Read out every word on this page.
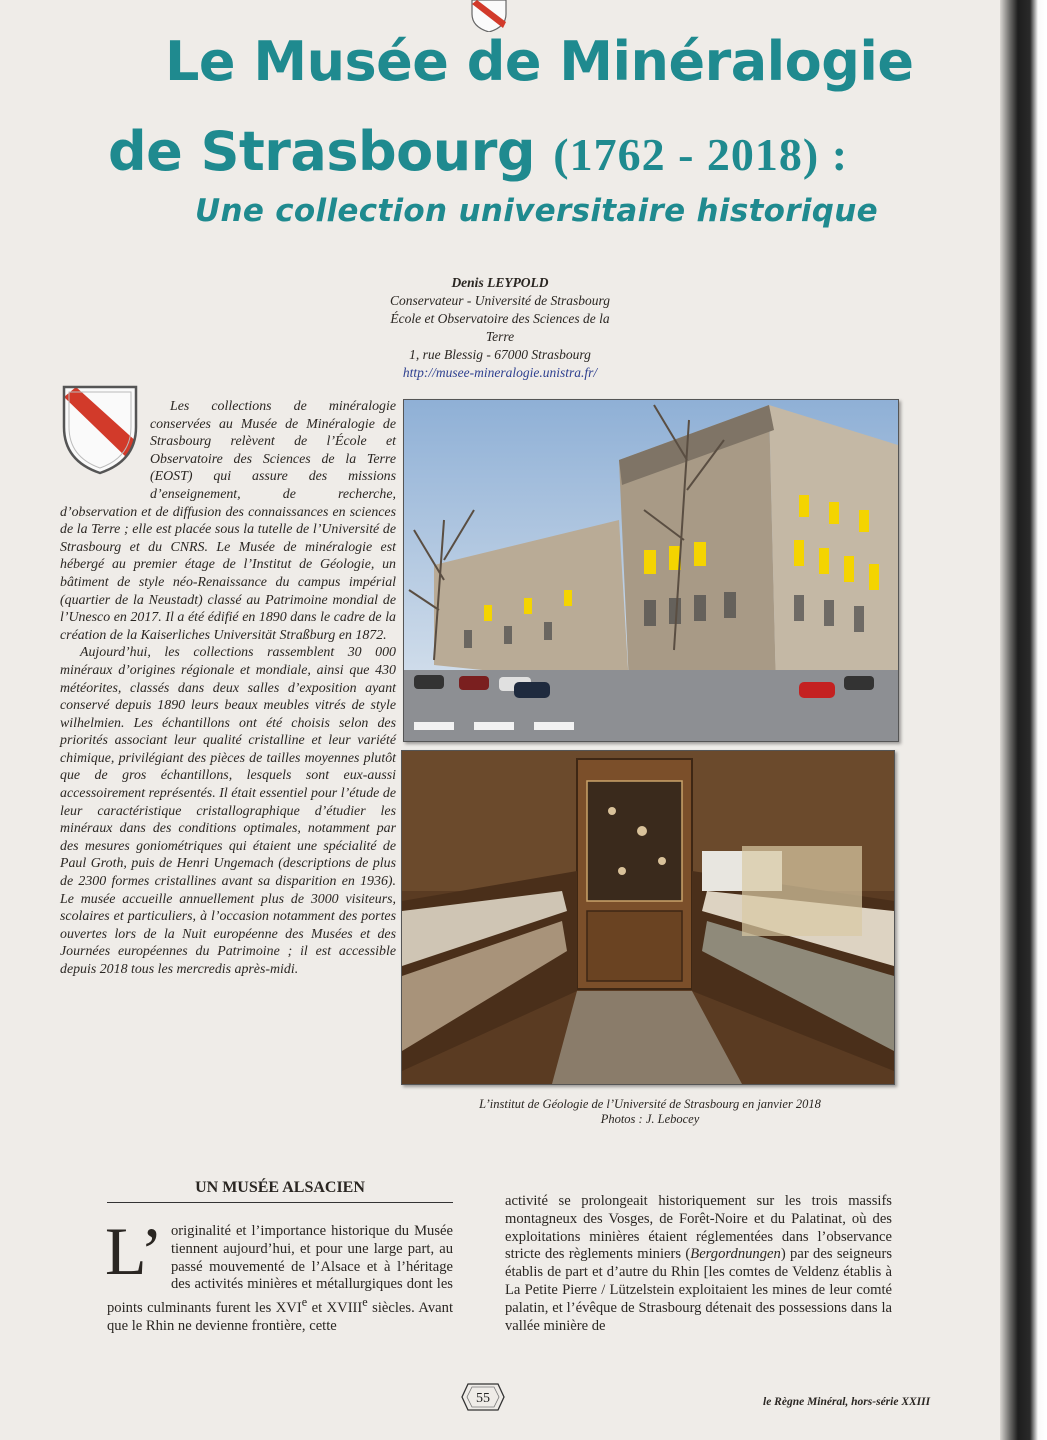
Le Musée de Minéralogie
de Strasbourg (1762 - 2018) :
Une collection universitaire historique
Denis LEYPOLD
Conservateur - Université de Strasbourg
École et Observatoire des Sciences de la Terre
1, rue Blessig - 67000 Strasbourg
http://musee-mineralogie.unistra.fr/

Les collections de minéralogie conservées au Musée de Minéralogie de Strasbourg relèvent de l’École et Observatoire des Sciences de la Terre (EOST) qui assure des missions d’enseignement, de recherche, d’observation et de diffusion des connaissances en sciences de la Terre ; elle est placée sous la tutelle de l’Université de Strasbourg et du CNRS. Le Musée de minéralogie est hébergé au premier étage de l’Institut de Géologie, un bâtiment de style néo-Renaissance du campus impérial (quartier de la Neustadt) classé au Patrimoine mondial de l’Unesco en 2017. Il a été édifié en 1890 dans le cadre de la création de la Kaiserliches Universität Straßburg en 1872.

Aujourd’hui, les collections rassemblent 30 000 minéraux d’origines régionale et mondiale, ainsi que 430 météorites, classés dans deux salles d’exposition ayant conservé depuis 1890 leurs beaux meubles vitrés de style wilhelmien. Les échantillons ont été choisis selon des priorités associant leur qualité cristalline et leur variété chimique, privilégiant des pièces de tailles moyennes plutôt que de gros échantillons, lesquels sont eux-aussi accessoirement représentés. Il était essentiel pour l’étude de leur caractéristique cristallographique d’étudier les minéraux dans des conditions optimales, notamment par des mesures goniométriques qui étaient une spécialité de Paul Groth, puis de Henri Ungemach (descriptions de plus de 2300 formes cristallines avant sa disparition en 1936). Le musée accueille annuellement plus de 3000 visiteurs, scolaires et particuliers, à l’occasion notamment des portes ouvertes lors de la Nuit européenne des Musées et des Journées européennes du Patrimoine ; il est accessible depuis 2018 tous les mercredis après-midi.

L’institut de Géologie de l’Université de Strasbourg en janvier 2018
Photos : J. Lebocey
UN MUSÉE ALSACIEN

L’ originalité et l’importance historique du Musée tiennent aujourd’hui, et pour une large part, au passé mouvementé de l’Alsace et à l’héritage des activités minières et métallurgiques dont les points culminants furent les XVIe et XVIIIe siècles. Avant que le Rhin ne devienne frontière, cette

activité se prolongeait historiquement sur les trois massifs montagneux des Vosges, de Forêt-Noire et du Palatinat, où des exploitations minières étaient réglementées dans l’observance stricte des règlements miniers (Bergordnungen) par des seigneurs établis de part et d’autre du Rhin [les comtes de Veldenz établis à La Petite Pierre / Lützelstein exploitaient les mines de leur comté palatin, et l’évêque de Strasbourg détenait des possessions dans la vallée minière de

55	le Règne Minéral, hors-série XXIII
